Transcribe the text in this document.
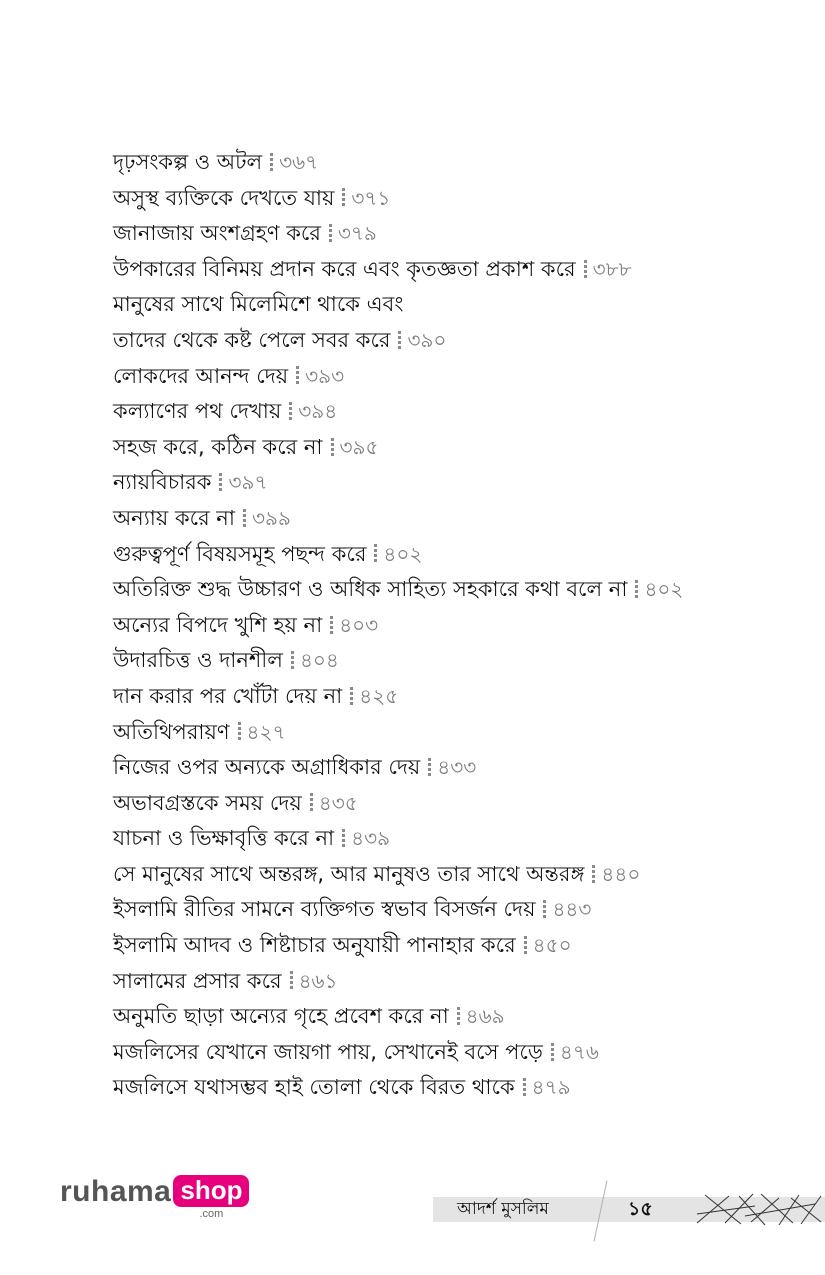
দৃঢ়সংকল্প ও অটল ৩৬৭
অসুস্থ ব্যক্তিকে দেখতে যায় ৩৭১
জানাজায় অংশগ্রহণ করে ৩৭৯
উপকারের বিনিময় প্রদান করে এবং কৃতজ্ঞতা প্রকাশ করে ৩৮৮
মানুষের সাথে মিলেমিশে থাকে এবং
তাদের থেকে কষ্ট পেলে সবর করে ৩৯০
লোকদের আনন্দ দেয় ৩৯৩
কল্যাণের পথ দেখায় ৩৯৪
সহজ করে, কঠিন করে না ৩৯৫
ন্যায়বিচারক ৩৯৭
অন্যায় করে না ৩৯৯
গুরুত্বপূর্ণ বিষয়সমূহ পছন্দ করে ৪০২
অতিরিক্ত শুদ্ধ উচ্চারণ ও অধিক সাহিত্য সহকারে কথা বলে না ৪০২
অন্যের বিপদে খুশি হয় না ৪০৩
উদারচিত্ত ও দানশীল ৪০৪
দান করার পর খোঁটা দেয় না ৪২৫
অতিথিপরায়ণ ৪২৭
নিজের ওপর অন্যকে অগ্রাধিকার দেয় ৪৩৩
অভাবগ্রস্তকে সময় দেয় ৪৩৫
যাচনা ও ভিক্ষাবৃত্তি করে না ৪৩৯
সে মানুষের সাথে অন্তরঙ্গ, আর মানুষও তার সাথে অন্তরঙ্গ ৪৪০
ইসলামি রীতির সামনে ব্যক্তিগত স্বভাব বিসর্জন দেয় ৪৪৩
ইসলামি আদব ও শিষ্টাচার অনুযায়ী পানাহার করে ৪৫০
সালামের প্রসার করে ৪৬১
অনুমতি ছাড়া অন্যের গৃহে প্রবেশ করে না ৪৬৯
মজলিসের যেখানে জায়গা পায়, সেখানেই বসে পড়ে ৪৭৬
মজলিসে যথাসম্ভব হাই তোলা থেকে বিরত থাকে ৪৭৯
ruhama shop
.com	আদর্শ মুসলিম	১৫
